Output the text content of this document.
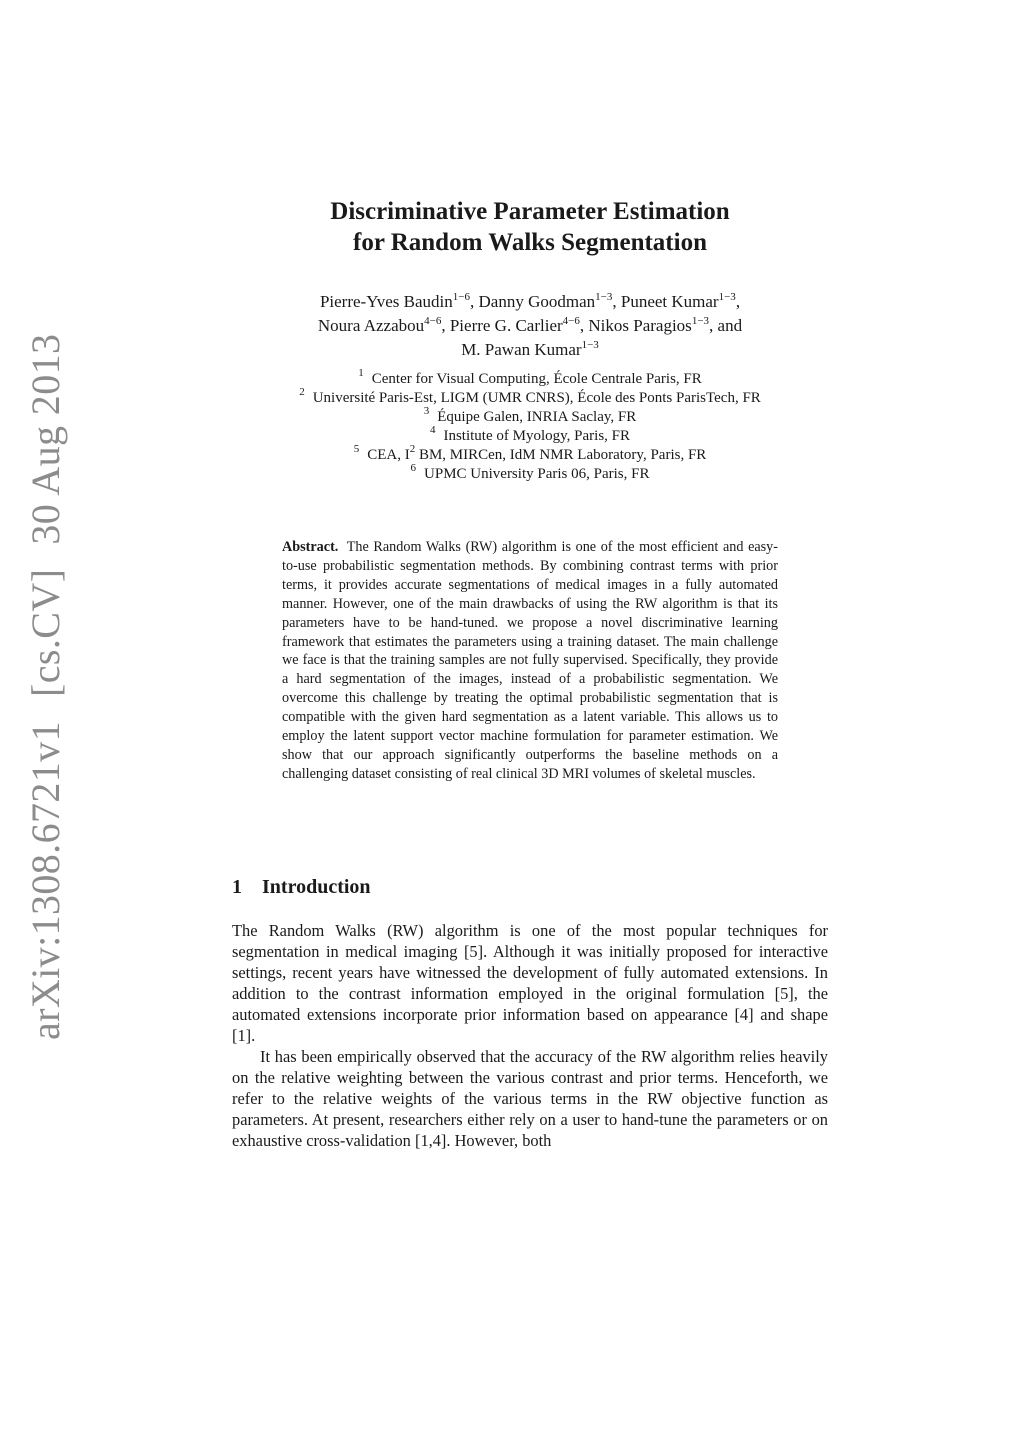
arXiv:1308.6721v1[cs.CV]30 Aug 2013
Discriminative Parameter Estimation
for Random Walks Segmentation
Pierre-Yves Baudin$^{1-6}$, Danny Goodman$^{1-3}$, Puneet Kumar$^{1-3}$,
Noura Azzabou$^{4-6}$, Pierre G. Carlier$^{4-6}$, Nikos Paragios$^{1-3}$, and
M. Pawan Kumar$^{1-3}$
$^1$ Center for Visual Computing, École Centrale Paris, FR
$^2$ Université Paris-Est, LIGM (UMR CNRS), École des Ponts ParisTech, FR
$^3$ Équipe Galen, INRIA Saclay, FR
$^4$ Institute of Myology, Paris, FR
$^5$ CEA, $I^2$ BM, MIRCen, IdM NMR Laboratory, Paris, FR
$^6$ UPMC University Paris 06, Paris, FR
Abstract. The Random Walks (RW) algorithm is one of the most efficient and easy-to-use probabilistic segmentation methods. By combining contrast terms with prior terms, it provides accurate segmentations of medical images in a fully automated manner. However, one of the main drawbacks of using the RW algorithm is that its parameters have to be hand-tuned. we propose a novel discriminative learning framework that estimates the parameters using a training dataset. The main challenge we face is that the training samples are not fully supervised. Specifically, they provide a hard segmentation of the images, instead of a probabilistic segmentation. We overcome this challenge by treating the optimal probabilistic segmentation that is compatible with the given hard segmentation as a latent variable. This allows us to employ the latent support vector machine formulation for parameter estimation. We show that our approach significantly outperforms the baseline methods on a challenging dataset consisting of real clinical 3D MRI volumes of skeletal muscles.
1 Introduction

The Random Walks (RW) algorithm is one of the most popular techniques for segmentation in medical imaging [5]. Although it was initially proposed for interactive settings, recent years have witnessed the development of fully automated extensions. In addition to the contrast information employed in the original formulation [5], the automated extensions incorporate prior information based on appearance [4] and shape [1].

It has been empirically observed that the accuracy of the RW algorithm relies heavily on the relative weighting between the various contrast and prior terms. Henceforth, we refer to the relative weights of the various terms in the RW objective function as parameters. At present, researchers either rely on a user to hand-tune the parameters or on exhaustive cross-validation [1,4]. However, both
